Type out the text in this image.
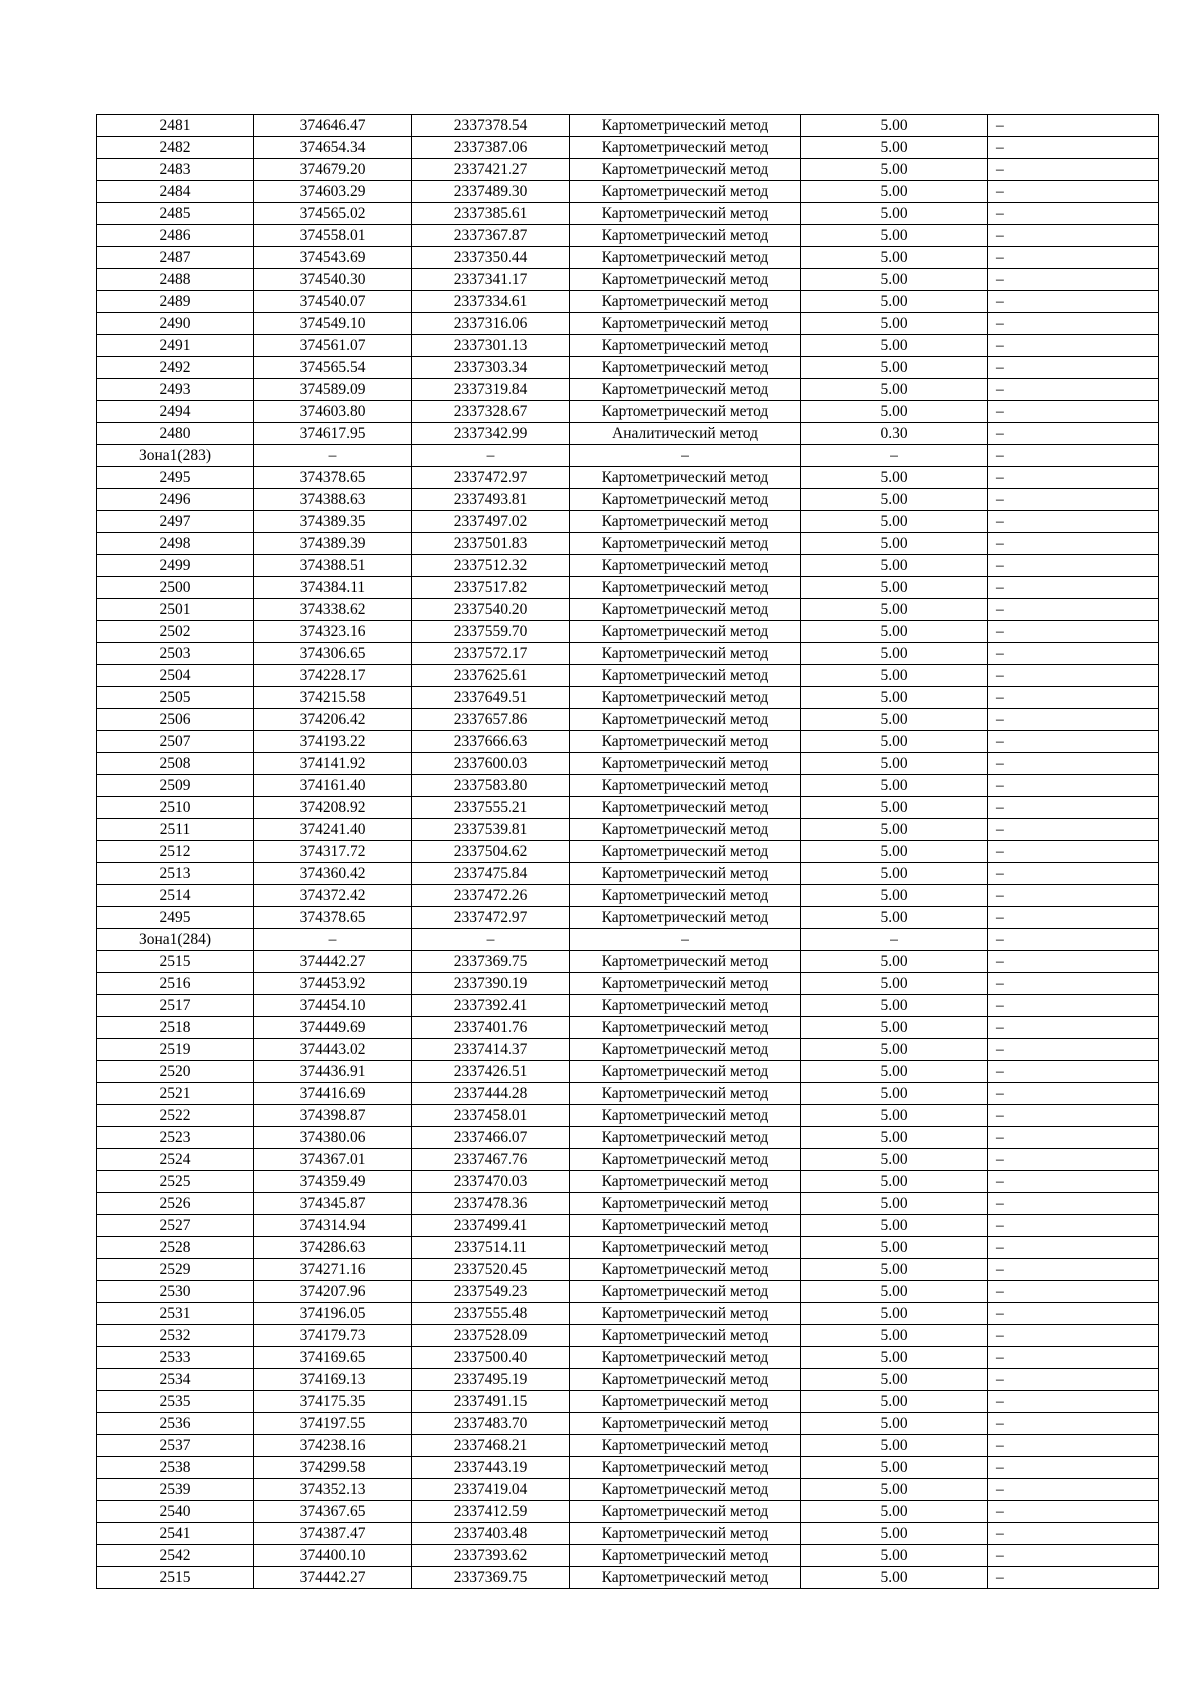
2481	374646.47	2337378.54	Картометрический метод	5.00	–
2482	374654.34	2337387.06	Картометрический метод	5.00	–
2483	374679.20	2337421.27	Картометрический метод	5.00	–
2484	374603.29	2337489.30	Картометрический метод	5.00	–
2485	374565.02	2337385.61	Картометрический метод	5.00	–
2486	374558.01	2337367.87	Картометрический метод	5.00	–
2487	374543.69	2337350.44	Картометрический метод	5.00	–
2488	374540.30	2337341.17	Картометрический метод	5.00	–
2489	374540.07	2337334.61	Картометрический метод	5.00	–
2490	374549.10	2337316.06	Картометрический метод	5.00	–
2491	374561.07	2337301.13	Картометрический метод	5.00	–
2492	374565.54	2337303.34	Картометрический метод	5.00	–
2493	374589.09	2337319.84	Картометрический метод	5.00	–
2494	374603.80	2337328.67	Картометрический метод	5.00	–
2480	374617.95	2337342.99	Аналитический метод	0.30	–
Зона1(283)	–	–	–	–	–
2495	374378.65	2337472.97	Картометрический метод	5.00	–
2496	374388.63	2337493.81	Картометрический метод	5.00	–
2497	374389.35	2337497.02	Картометрический метод	5.00	–
2498	374389.39	2337501.83	Картометрический метод	5.00	–
2499	374388.51	2337512.32	Картометрический метод	5.00	–
2500	374384.11	2337517.82	Картометрический метод	5.00	–
2501	374338.62	2337540.20	Картометрический метод	5.00	–
2502	374323.16	2337559.70	Картометрический метод	5.00	–
2503	374306.65	2337572.17	Картометрический метод	5.00	–
2504	374228.17	2337625.61	Картометрический метод	5.00	–
2505	374215.58	2337649.51	Картометрический метод	5.00	–
2506	374206.42	2337657.86	Картометрический метод	5.00	–
2507	374193.22	2337666.63	Картометрический метод	5.00	–
2508	374141.92	2337600.03	Картометрический метод	5.00	–
2509	374161.40	2337583.80	Картометрический метод	5.00	–
2510	374208.92	2337555.21	Картометрический метод	5.00	–
2511	374241.40	2337539.81	Картометрический метод	5.00	–
2512	374317.72	2337504.62	Картометрический метод	5.00	–
2513	374360.42	2337475.84	Картометрический метод	5.00	–
2514	374372.42	2337472.26	Картометрический метод	5.00	–
2495	374378.65	2337472.97	Картометрический метод	5.00	–
Зона1(284)	–	–	–	–	–
2515	374442.27	2337369.75	Картометрический метод	5.00	–
2516	374453.92	2337390.19	Картометрический метод	5.00	–
2517	374454.10	2337392.41	Картометрический метод	5.00	–
2518	374449.69	2337401.76	Картометрический метод	5.00	–
2519	374443.02	2337414.37	Картометрический метод	5.00	–
2520	374436.91	2337426.51	Картометрический метод	5.00	–
2521	374416.69	2337444.28	Картометрический метод	5.00	–
2522	374398.87	2337458.01	Картометрический метод	5.00	–
2523	374380.06	2337466.07	Картометрический метод	5.00	–
2524	374367.01	2337467.76	Картометрический метод	5.00	–
2525	374359.49	2337470.03	Картометрический метод	5.00	–
2526	374345.87	2337478.36	Картометрический метод	5.00	–
2527	374314.94	2337499.41	Картометрический метод	5.00	–
2528	374286.63	2337514.11	Картометрический метод	5.00	–
2529	374271.16	2337520.45	Картометрический метод	5.00	–
2530	374207.96	2337549.23	Картометрический метод	5.00	–
2531	374196.05	2337555.48	Картометрический метод	5.00	–
2532	374179.73	2337528.09	Картометрический метод	5.00	–
2533	374169.65	2337500.40	Картометрический метод	5.00	–
2534	374169.13	2337495.19	Картометрический метод	5.00	–
2535	374175.35	2337491.15	Картометрический метод	5.00	–
2536	374197.55	2337483.70	Картометрический метод	5.00	–
2537	374238.16	2337468.21	Картометрический метод	5.00	–
2538	374299.58	2337443.19	Картометрический метод	5.00	–
2539	374352.13	2337419.04	Картометрический метод	5.00	–
2540	374367.65	2337412.59	Картометрический метод	5.00	–
2541	374387.47	2337403.48	Картометрический метод	5.00	–
2542	374400.10	2337393.62	Картометрический метод	5.00	–
2515	374442.27	2337369.75	Картометрический метод	5.00	–
